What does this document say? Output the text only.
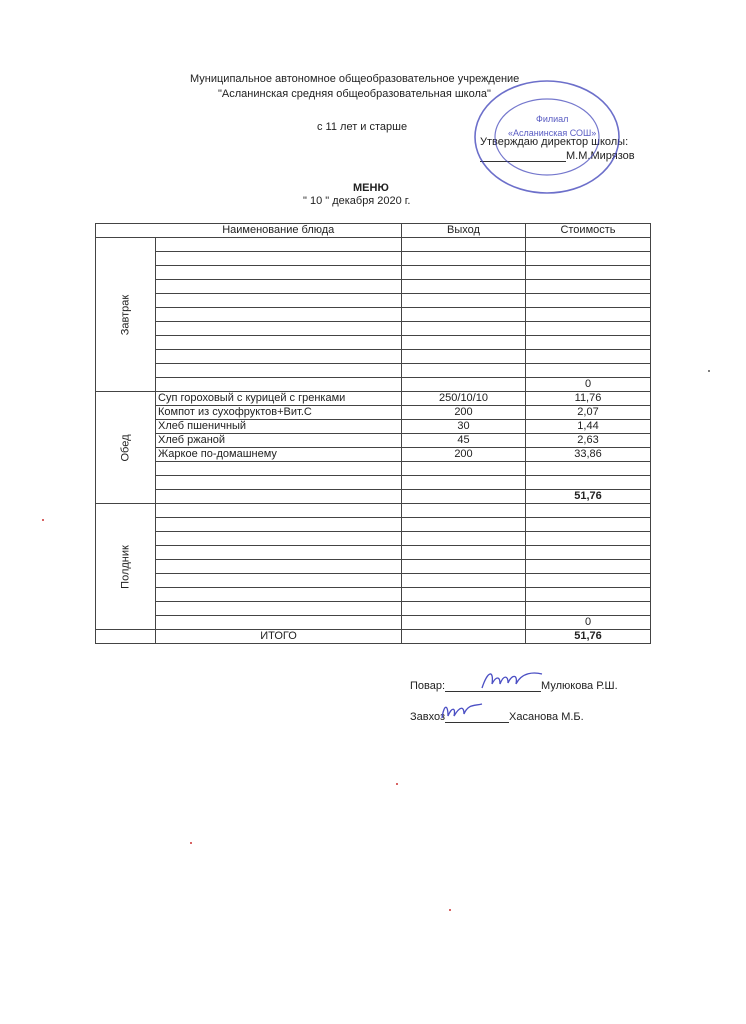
Муниципальное автономное общеобразовательное учреждение
"Асланинская средняя общеобразовательная школа"
с 11 лет и старше
Утверждаю директор школы:
М.М.Мирязов
Филиал
«Асланинская СОШ»
МЕНЮ
" 10 " декабря 2020 г.
	Наименование блюда	Выход	Стоимость

Завтрак			

			0

Обед	Суп гороховый с курицей с гренками	250/10/10	11,76
	Компот из сухофруктов+Вит.С	200	2,07
	Хлеб пшеничный	30	1,44
	Хлеб ржаной	45	2,63
	Жаркое по-домашнему	200	33,86

			51,76

Полдник			

			0
	ИТОГО		51,76
Повар:	Мулюкова Р.Ш.
Завхоз	Хасанова М.Б.
